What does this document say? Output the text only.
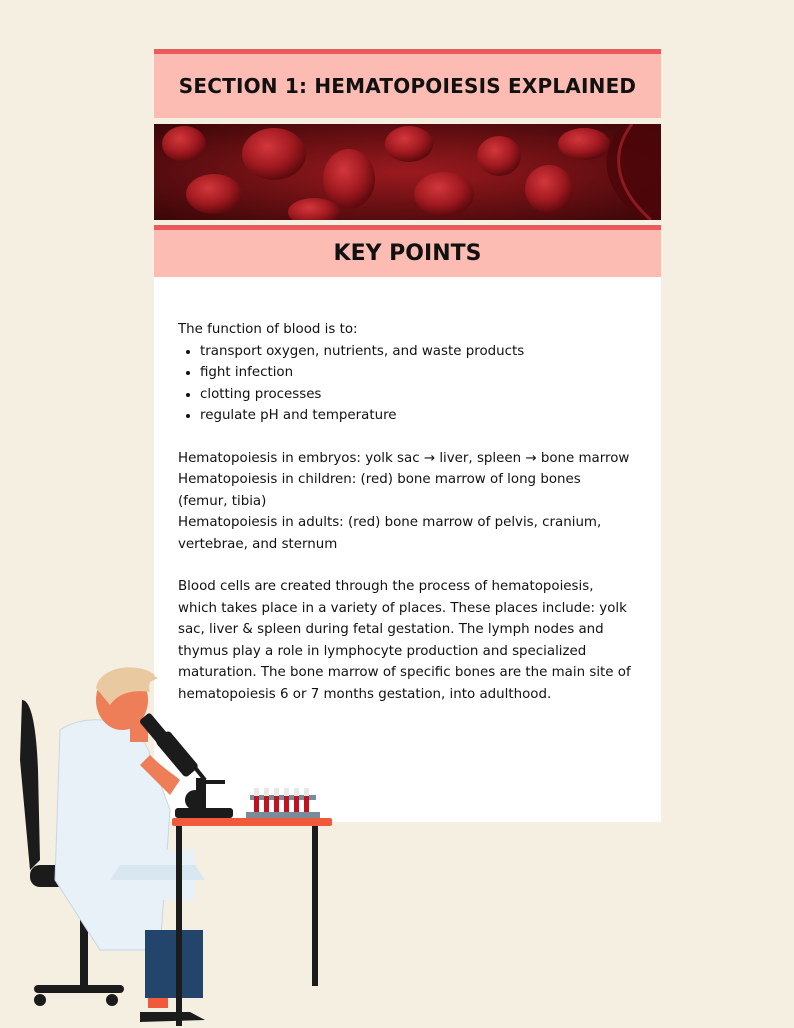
SECTION 1: HEMATOPOIESIS EXPLAINED
KEY POINTS

The function of blood is to:

• transport oxygen, nutrients, and waste products
• fight infection
• clotting processes
• regulate pH and temperature

Hematopoiesis in embryos: yolk sac → liver, spleen → bone marrow

Hematopoiesis in children: (red) bone marrow of long bones (femur, tibia)

Hematopoiesis in adults: (red) bone marrow of pelvis, cranium, vertebrae, and sternum

Blood cells are created through the process of hematopoiesis, which takes place in a variety of places. These places include: yolk sac, liver & spleen during fetal gestation. The lymph nodes and thymus play a role in lymphocyte production and specialized maturation. The bone marrow of specific bones are the main site of hematopoiesis 6 or 7 months gestation, into adulthood.
